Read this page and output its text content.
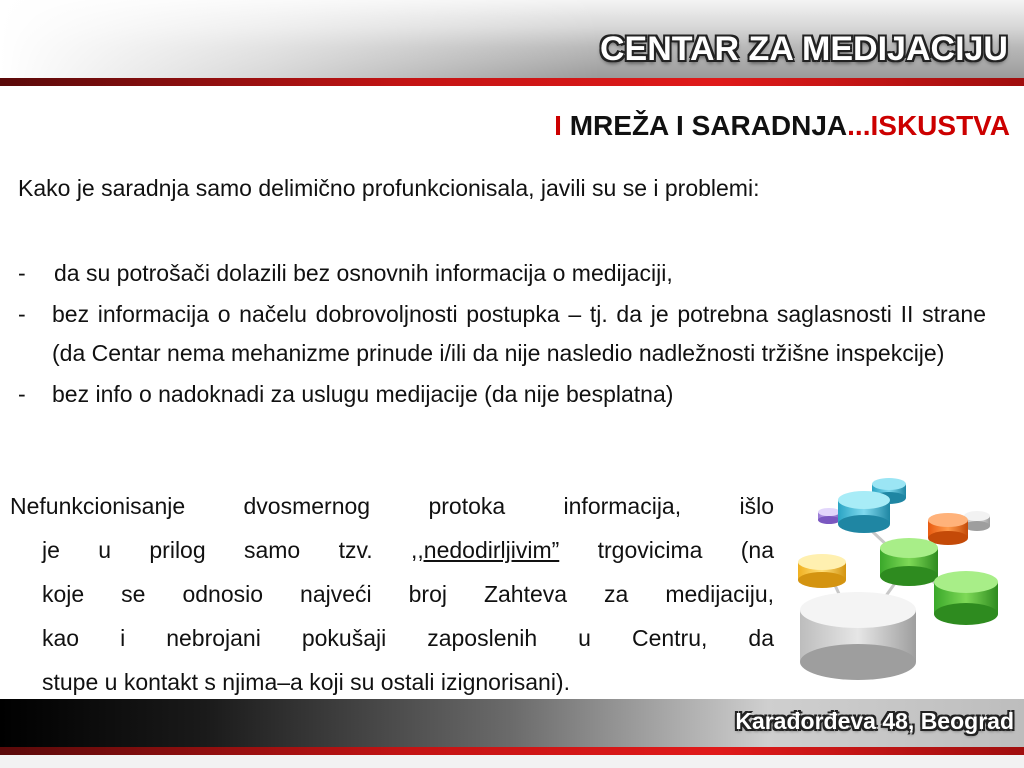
CENTAR ZA MEDIJACIJU
I MREŽA I SARADNJA...ISKUSTVA
Kako je saradnja samo delimično profunkcionisala, javili su se i problemi:
-	da su potrošači dolazili bez osnovnih informacija o medijaciji,
-	bez informacija o načelu dobrovoljnosti postupka – tj. da je potrebna saglasnosti II strane (da Centar nema mehanizme prinude i/ili da nije nasledio nadležnosti tržišne inspekcije)
-	bez info o nadoknadi za uslugu medijacije (da nije besplatna)
Nefunkcionisanje dvosmernog protoka informacija, išlo
je u prilog samo tzv. ,,nedodirljivim” trgovicima (na
koje se odnosio najveći broj Zahteva za medijaciju,
kao i nebrojani pokušaji zaposlenih u Centru, da
stupe u kontakt s njima–a koji su ostali izignorisani).
Karađorđeva 48, Beograd
